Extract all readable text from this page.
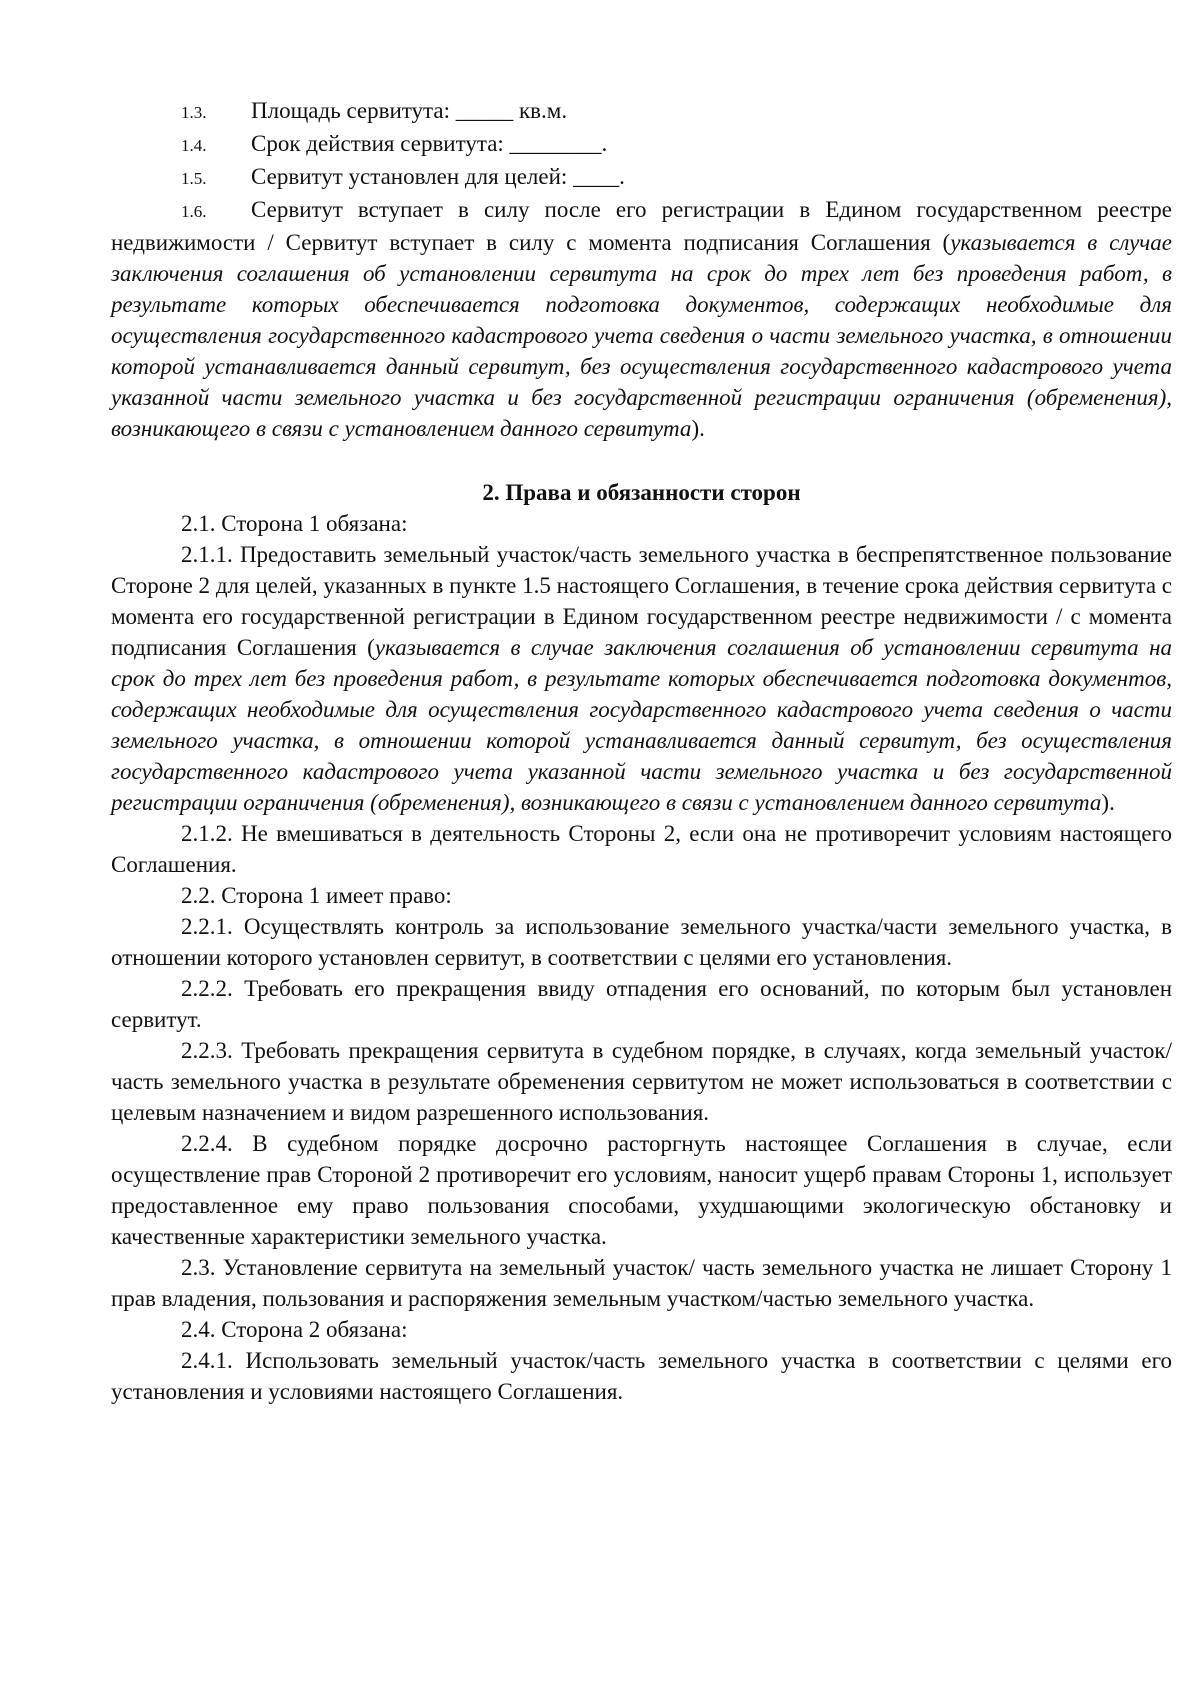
1.3. Площадь сервитута: _____ кв.м.

1.4. Срок действия сервитута: ________.

1.5. Сервитут установлен для целей: ____.

1.6. Сервитут вступает в силу после его регистрации в Едином государственном реестре недвижимости / Сервитут вступает в силу с момента подписания Соглашения (указывается в случае заключения соглашения об установлении сервитута на срок до трех лет без проведения работ, в результате которых обеспечивается подготовка документов, содержащих необходимые для осуществления государственного кадастрового учета сведения о части земельного участка, в отношении которой устанавливается данный сервитут, без осуществления государственного кадастрового учета указанной части земельного участка и без государственной регистрации ограничения (обременения), возникающего в связи с установлением данного сервитута).

2. Права и обязанности сторон

2.1. Сторона 1 обязана:

2.1.1. Предоставить земельный участок/часть земельного участка в беспрепятственное пользование Стороне 2 для целей, указанных в пункте 1.5 настоящего Соглашения, в течение срока действия сервитута с момента его государственной регистрации в Едином государственном реестре недвижимости / с момента подписания Соглашения (указывается в случае заключения соглашения об установлении сервитута на срок до трех лет без проведения работ, в результате которых обеспечивается подготовка документов, содержащих необходимые для осуществления государственного кадастрового учета сведения о части земельного участка, в отношении которой устанавливается данный сервитут, без осуществления государственного кадастрового учета указанной части земельного участка и без государственной регистрации ограничения (обременения), возникающего в связи с установлением данного сервитута).

2.1.2. Не вмешиваться в деятельность Стороны 2, если она не противоречит условиям настоящего Соглашения.

2.2. Сторона 1 имеет право:

2.2.1. Осуществлять контроль за использование земельного участка/части земельного участка, в отношении которого установлен сервитут, в соответствии с целями его установления.

2.2.2. Требовать его прекращения ввиду отпадения его оснований, по которым был установлен сервитут.

2.2.3. Требовать прекращения сервитута в судебном порядке, в случаях, когда земельный участок/ часть земельного участка в результате обременения сервитутом не может использоваться в соответствии с целевым назначением и видом разрешенного использования.

2.2.4. В судебном порядке досрочно расторгнуть настоящее Соглашения в случае, если осуществление прав Стороной 2 противоречит его условиям, наносит ущерб правам Стороны 1, использует предоставленное ему право пользования способами, ухудшающими экологическую обстановку и качественные характеристики земельного участка.

2.3. Установление сервитута на земельный участок/ часть земельного участка не лишает Сторону 1 прав владения, пользования и распоряжения земельным участком/частью земельного участка.

2.4. Сторона 2 обязана:

2.4.1. Использовать земельный участок/часть земельного участка в соответствии с целями его установления и условиями настоящего Соглашения.
